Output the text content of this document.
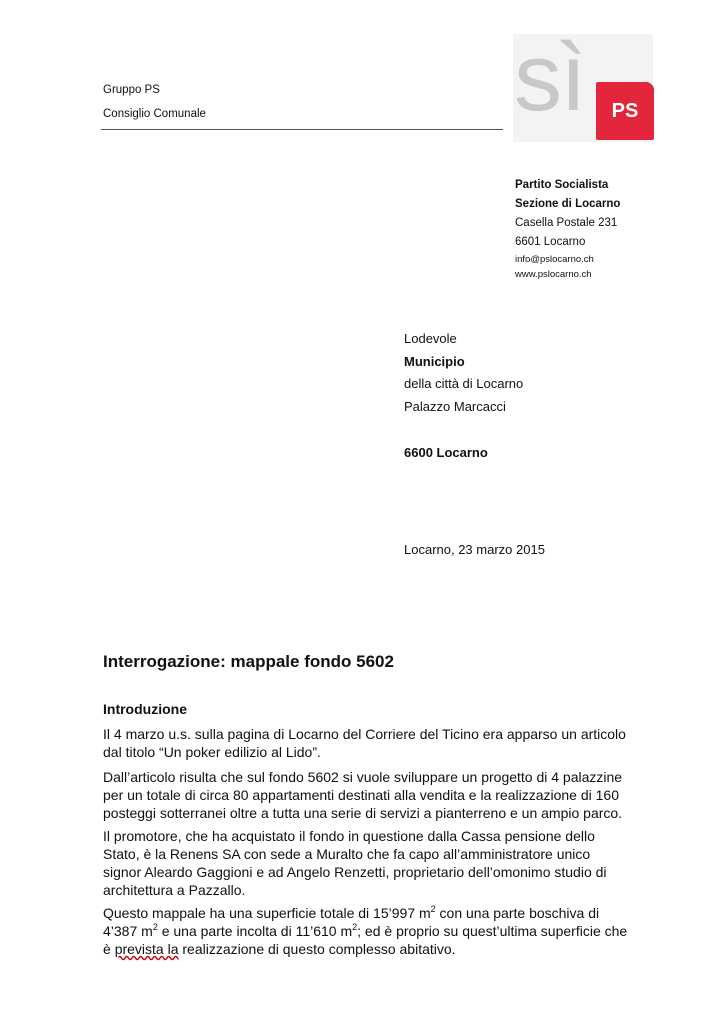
Gruppo PS
Consiglio Comunale	sì	PS
Partito Socialista
Sezione di Locarno
Casella Postale 231
6601 Locarno
info@pslocarno.ch
www.pslocarno.ch
Lodevole
Municipio
della città di Locarno
Palazzo Marcacci
6600 Locarno
Locarno, 23 marzo 2015
Interrogazione: mappale fondo 5602
Introduzione
Il 4 marzo u.s. sulla pagina di Locarno del Corriere del Ticino era apparso un articolo
dal titolo “Un poker edilizio al Lido”.
Dall’articolo risulta che sul fondo 5602 si vuole sviluppare un progetto di 4 palazzine
per un totale di circa 80 appartamenti destinati alla vendita e la realizzazione di 160
posteggi sotterranei oltre a tutta una serie di servizi a pianterreno e un ampio parco.
Il promotore, che ha acquistato il fondo in questione dalla Cassa pensione dello
Stato, è la Renens SA con sede a Muralto che fa capo all’amministratore unico
signor Aleardo Gaggioni e ad Angelo Renzetti, proprietario dell’omonimo studio di
architettura a Pazzallo.
Questo mappale ha una superficie totale di 15’997 $m^2$ con una parte boschiva di
4’387 $m^2$ e una parte incolta di 11’610 $m^2$; ed è proprio su quest’ultima superficie che
è prevista la realizzazione di questo complesso abitativo.
